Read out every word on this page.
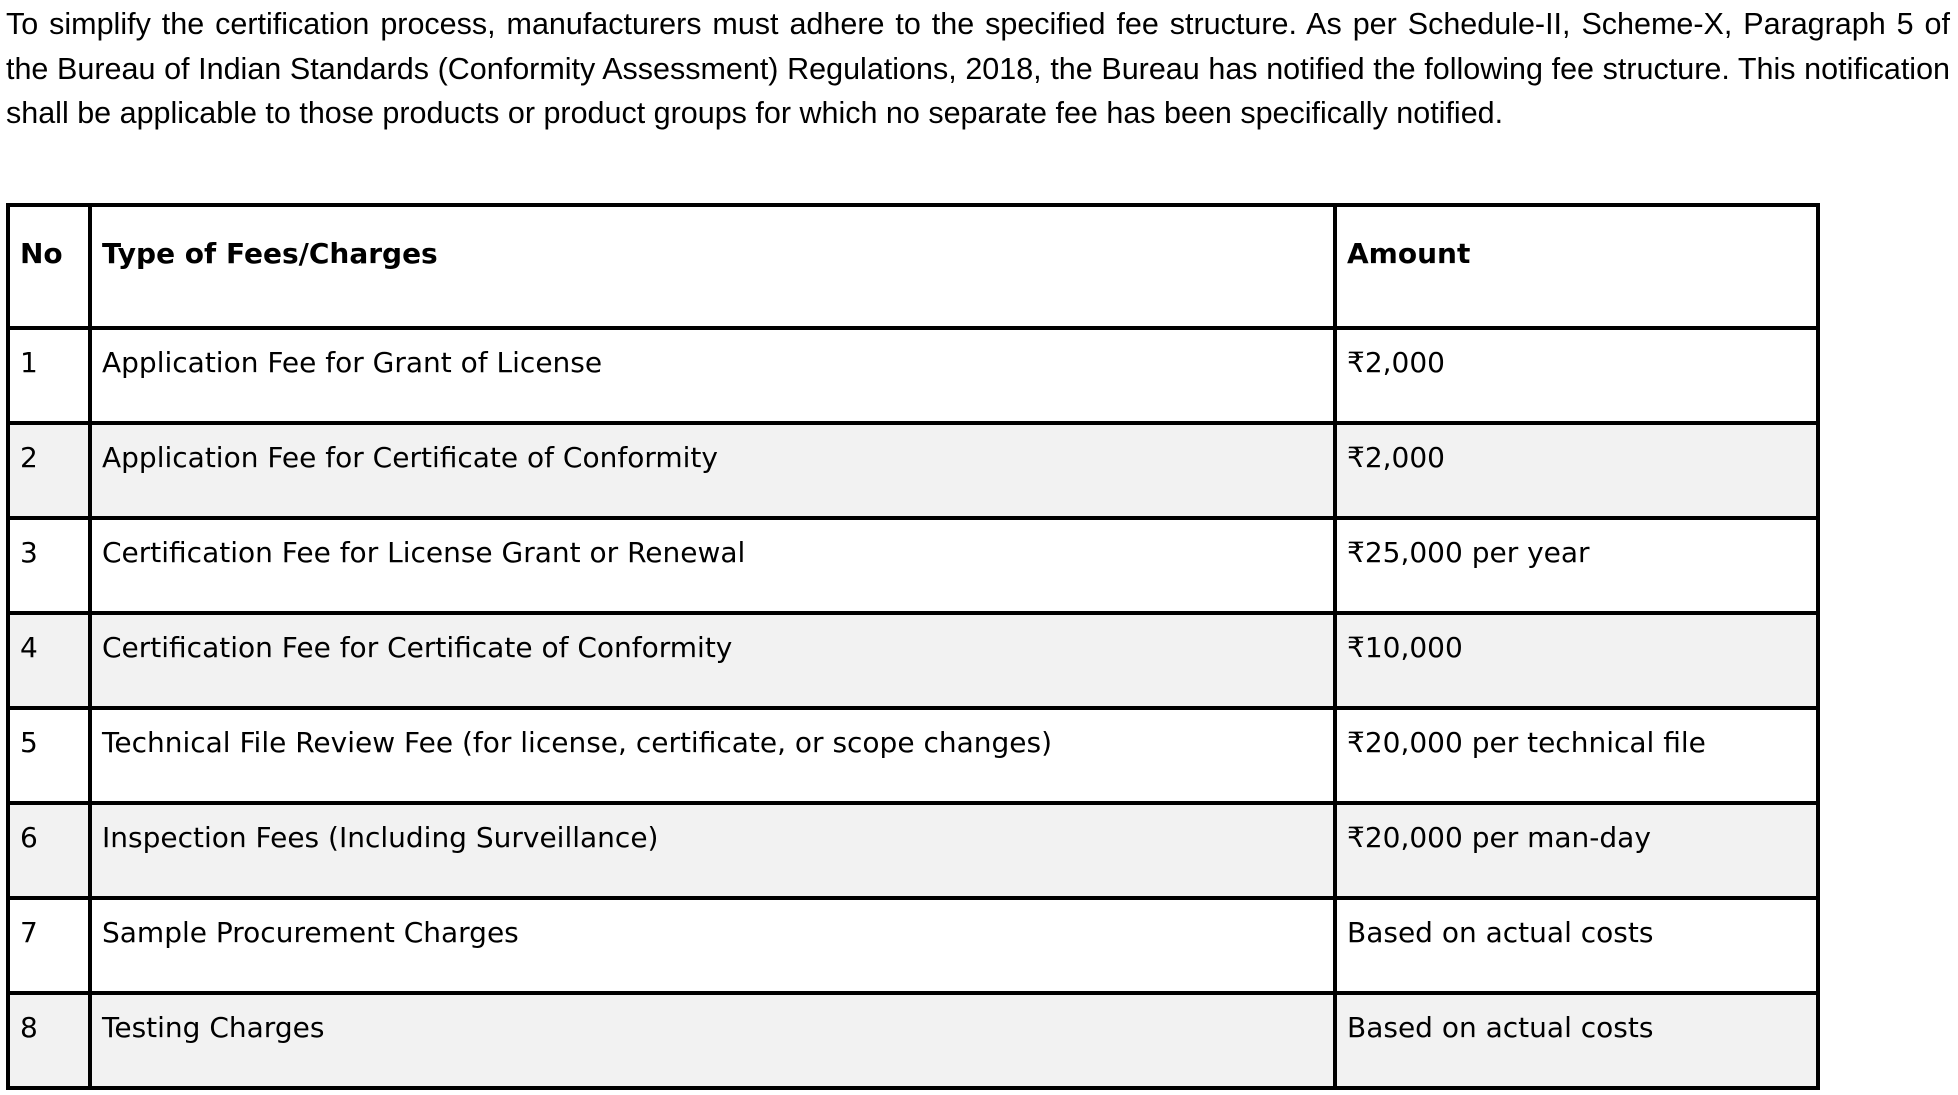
To simplify the certification process, manufacturers must adhere to the specified fee structure. As per Schedule-II, Scheme-X, Paragraph 5 of the Bureau of Indian Standards (Conformity Assessment) Regulations, 2018, the Bureau has notified the following fee structure. This notification shall be applicable to those products or product groups for which no separate fee has been specifically notified.

No	Type of Fees/Charges	Amount
1	Application Fee for Grant of License	₹2,000
2	Application Fee for Certificate of Conformity	₹2,000
3	Certification Fee for License Grant or Renewal	₹25,000 per year
4	Certification Fee for Certificate of Conformity	₹10,000
5	Technical File Review Fee (for license, certificate, or scope changes)	₹20,000 per technical file
6	Inspection Fees (Including Surveillance)	₹20,000 per man-day
7	Sample Procurement Charges	Based on actual costs
8	Testing Charges	Based on actual costs
